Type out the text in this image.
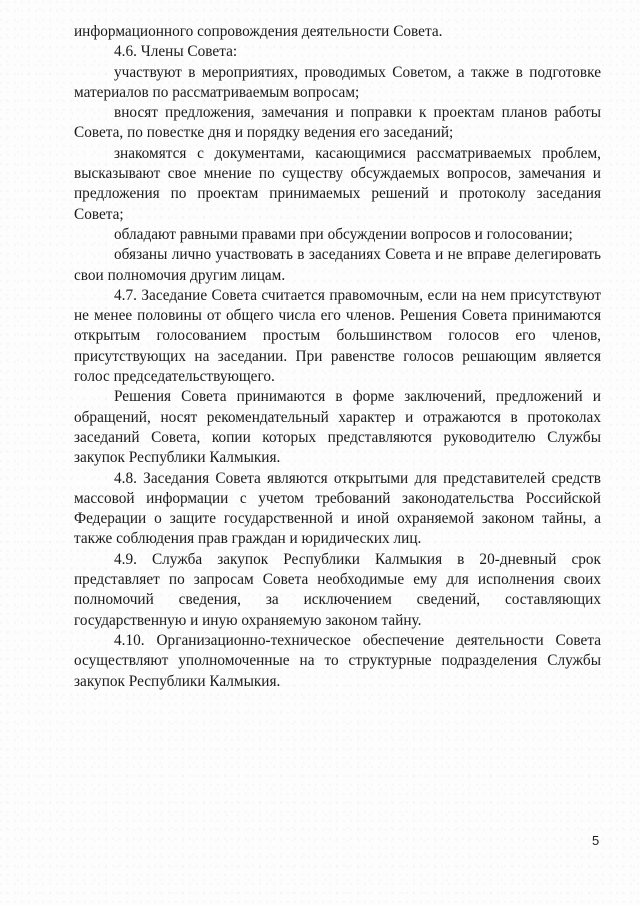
информационного сопровождения деятельности Совета.

4.6. Члены Совета:

участвуют в мероприятиях, проводимых Советом, а также в подготовке материалов по рассматриваемым вопросам;

вносят предложения, замечания и поправки к проектам планов работы Совета, по повестке дня и порядку ведения его заседаний;

знакомятся с документами, касающимися рассматриваемых проблем, высказывают свое мнение по существу обсуждаемых вопросов, замечания и предложения по проектам принимаемых решений и протоколу заседания Совета;

обладают равными правами при обсуждении вопросов и голосовании;

обязаны лично участвовать в заседаниях Совета и не вправе делегировать свои полномочия другим лицам.

4.7. Заседание Совета считается правомочным, если на нем присутствуют не менее половины от общего числа его членов. Решения Совета принимаются открытым голосованием простым большинством голосов его членов, присутствующих на заседании. При равенстве голосов решающим является голос председательствующего.

Решения Совета принимаются в форме заключений, предложений и обращений, носят рекомендательный характер и отражаются в протоколах заседаний Совета, копии которых представляются руководителю Службы закупок Республики Калмыкия.

4.8. Заседания Совета являются открытыми для представителей средств массовой информации с учетом требований законодательства Российской Федерации о защите государственной и иной охраняемой законом тайны, а также соблюдения прав граждан и юридических лиц.

4.9. Служба закупок Республики Калмыкия в 20-дневный срок представляет по запросам Совета необходимые ему для исполнения своих полномочий сведения, за исключением сведений, составляющих государственную и иную охраняемую законом тайну.

4.10. Организационно-техническое обеспечение деятельности Совета осуществляют уполномоченные на то структурные подразделения Службы закупок Республики Калмыкия.

5
